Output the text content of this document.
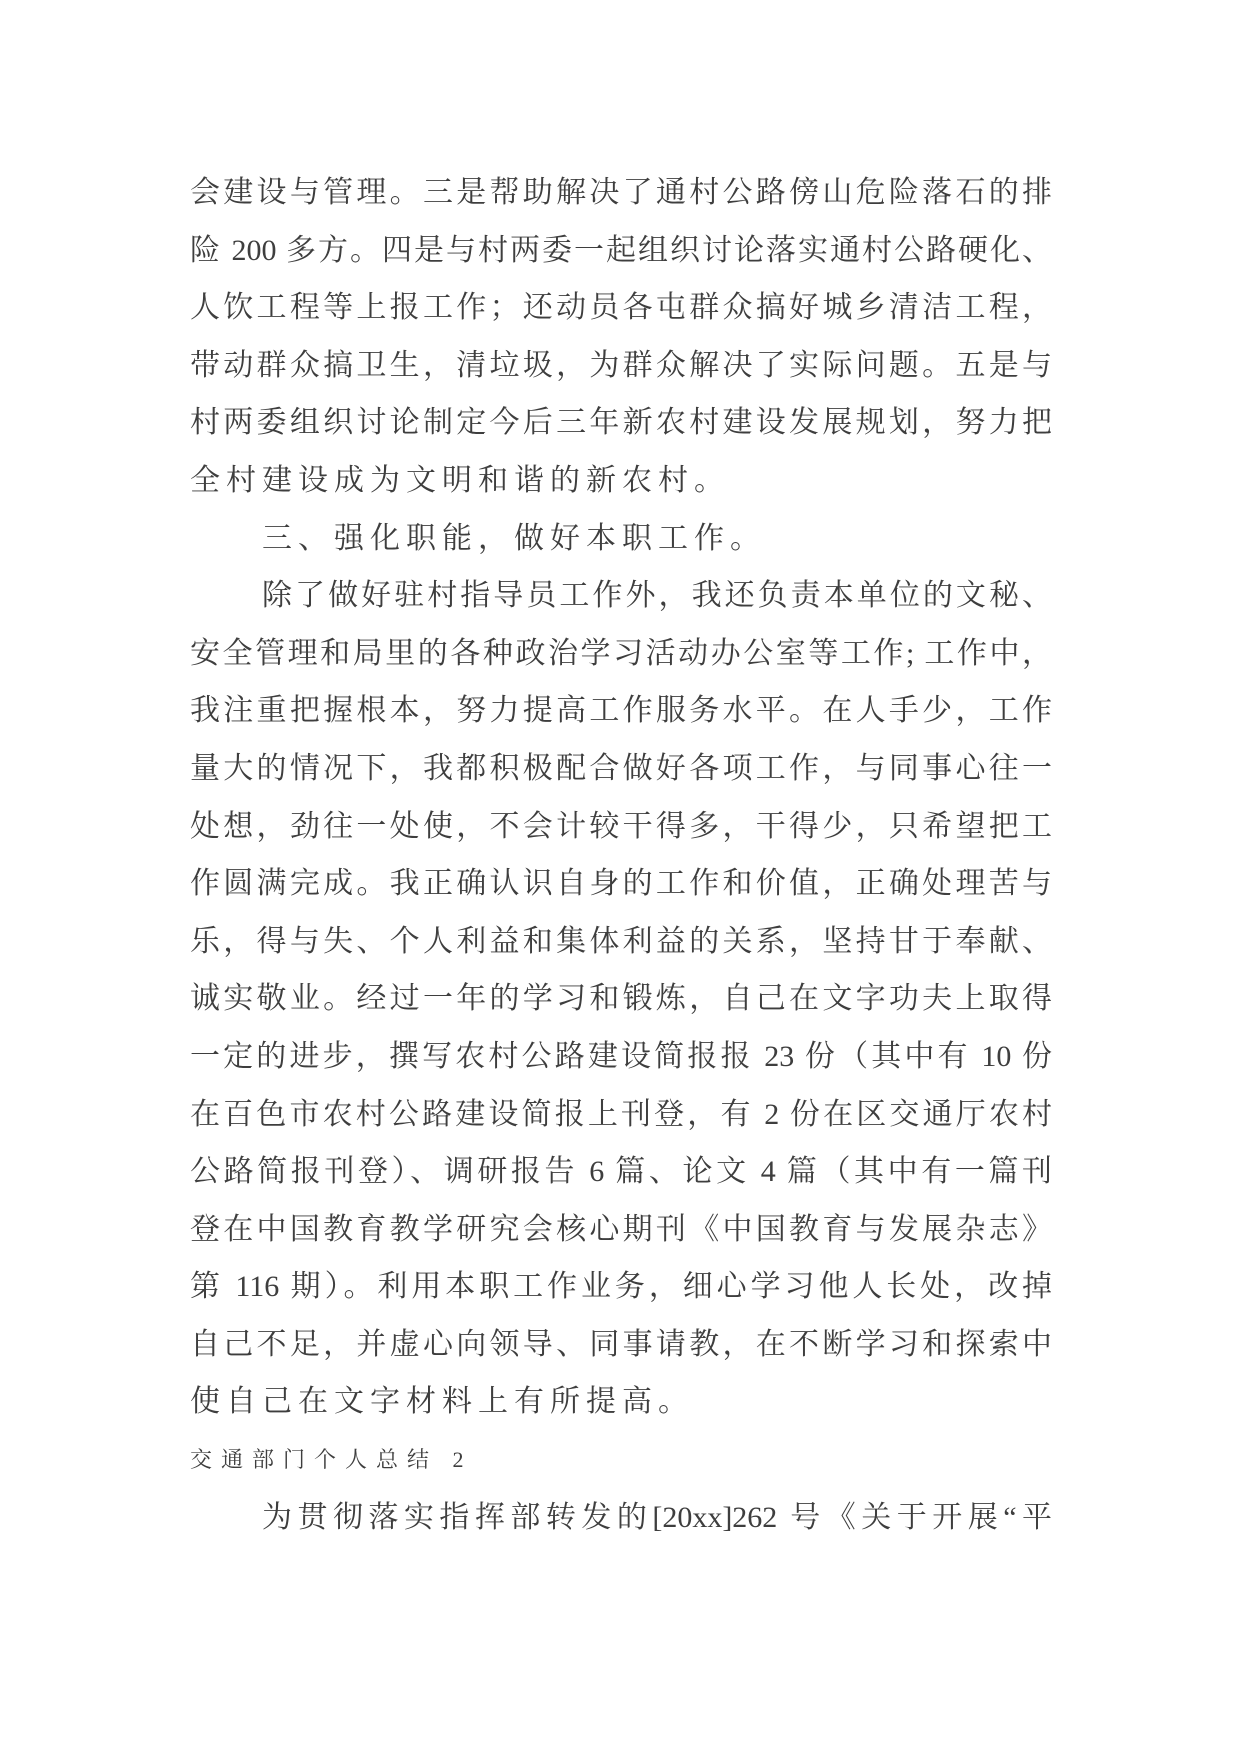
会建设与管理。三是帮助解决了通村公路傍山危险落石的排
险 200 多方。四是与村两委一起组织讨论落实通村公路硬化、
人饮工程等上报工作；还动员各屯群众搞好城乡清洁工程，
带动群众搞卫生，清垃圾，为群众解决了实际问题。五是与
村两委组织讨论制定今后三年新农村建设发展规划，努力把
全村建设成为文明和谐的新农村。
三、强化职能，做好本职工作。
除了做好驻村指导员工作外，我还负责本单位的文秘、
安全管理和局里的各种政治学习活动办公室等工作; 工作中，
我注重把握根本，努力提高工作服务水平。在人手少，工作
量大的情况下，我都积极配合做好各项工作，与同事心往一
处想，劲往一处使，不会计较干得多，干得少，只希望把工
作圆满完成。我正确认识自身的工作和价值，正确处理苦与
乐，得与失、个人利益和集体利益的关系，坚持甘于奉献、
诚实敬业。经过一年的学习和锻炼，自己在文字功夫上取得
一定的进步，撰写农村公路建设简报报 23 份（其中有 10 份
在百色市农村公路建设简报上刊登，有 2 份在区交通厅农村
公路简报刊登）、调研报告 6 篇、论文 4 篇（其中有一篇刊
登在中国教育教学研究会核心期刊《中国教育与发展杂志》
第 116 期）。利用本职工作业务，细心学习他人长处，改掉
自己不足，并虚心向领导、同事请教，在不断学习和探索中
使自己在文字材料上有所提高。
交通部门个人总结 2
为贯彻落实指挥部转发的[20xx]262 号《关于开展“平
